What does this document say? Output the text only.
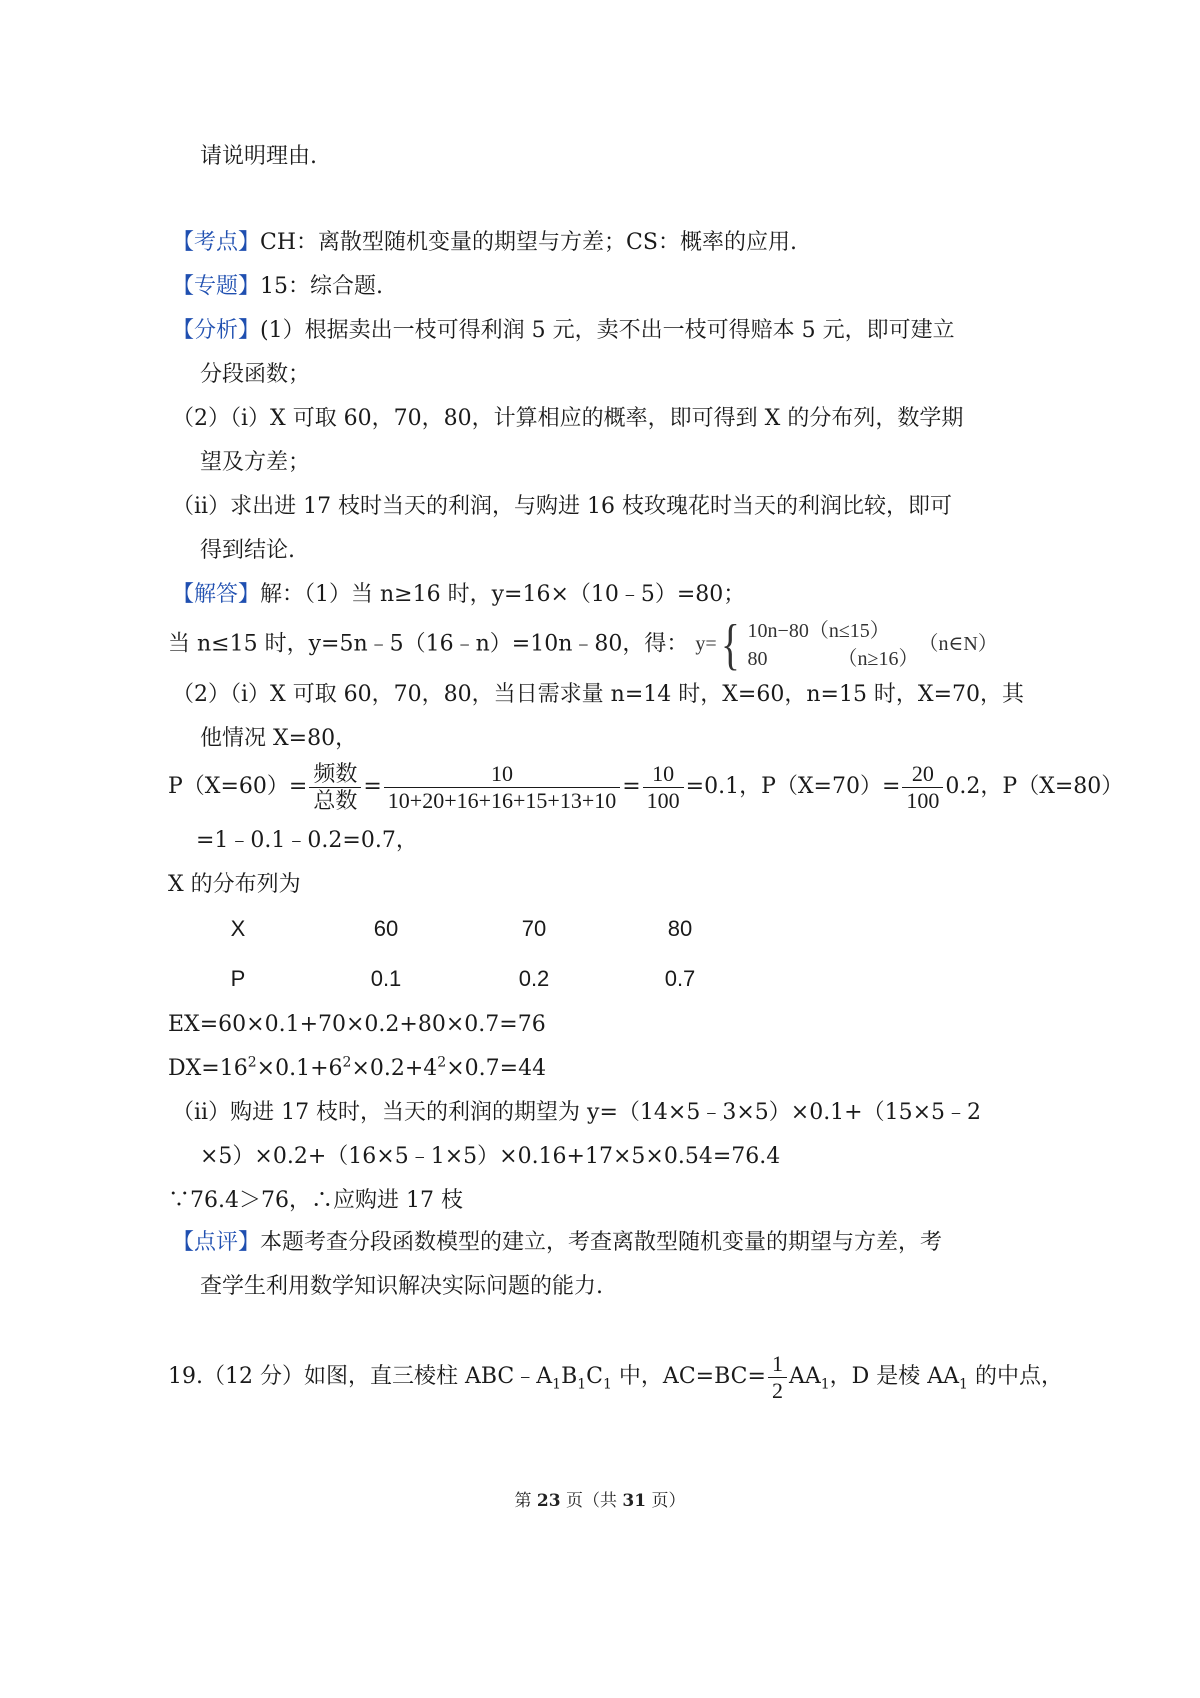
请说明理由.
【考点】CH：离散型随机变量的期望与方差；CS：概率的应用.
【专题】15：综合题.
【分析】(1）根据卖出一枝可得利润 5 元，卖不出一枝可得赔本 5 元，即可建立
分段函数；
（2）（i）X 可取 60，70，80，计算相应的概率，即可得到 X 的分布列，数学期
望及方差；
（ii）求出进 17 枝时当天的利润，与购进 16 枝玫瑰花时当天的利润比较，即可
得到结论.
【解答】解：（1）当 n≥16 时，y=16×（10﹣5）=80；
当 n≤15 时，y=5n﹣5（16﹣n）=10n﹣80，得： y={ 10n−80（n≤15）
80　　　　（n≥16）
（n∈N）
（2）（i）X 可取 60，70，80，当日需求量 n=14 时，X=60，n=15 时，X=70，其
他情况 X=80，
$P(X=60)= \frac{\text{频数}}{\text{总数}} = \frac{10}{10+20+16+16+15+13+10} = \frac{10}{100} =0.1$，$P(X=70)= \frac{20}{100} 0.2$，P（X=80）
=1﹣0.1﹣0.2=0.7，
X 的分布列为
X	60	70	80
P	0.1	0.2	0.7
EX=60×0.1+70×0.2+80×0.7=76
$DX=16^2\times 0.1+6^2\times 0.2+4^2\times 0.7=44$
（ii）购进 17 枝时，当天的利润的期望为 y=（14×5﹣3×5）×0.1+（15×5﹣2
×5）×0.2+（16×5﹣1×5）×0.16+17×5×0.54=76.4
∵76.4＞76，∴应购进 17 枝
【点评】本题考查分段函数模型的建立，考查离散型随机变量的期望与方差，考
查学生利用数学知识解决实际问题的能力.
19.（12 分）如图，直三棱柱 $ABC﹣A_1B_1C_1$ 中，$AC=BC= \frac{1}{2} AA_1$，D 是棱 $AA_1$ 的中点，
第 23 页（共 31 页）
